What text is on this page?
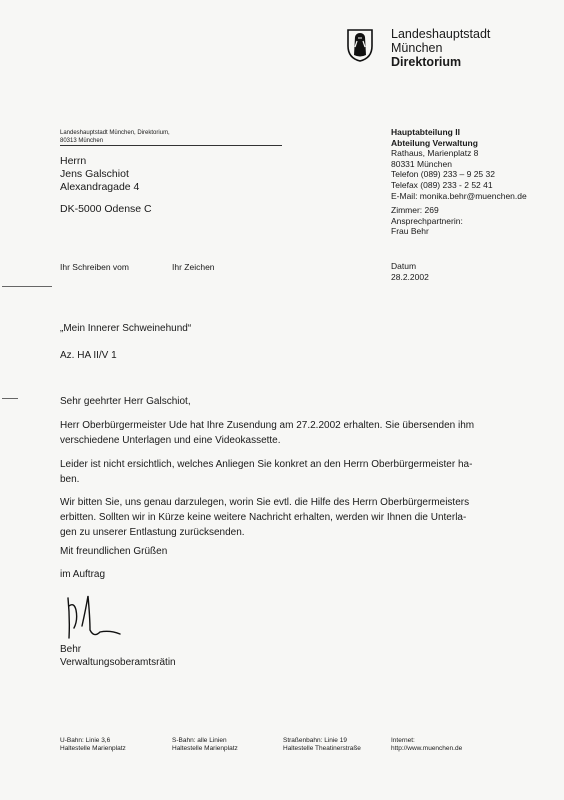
Landeshauptstadt
München
Direktorium
Landeshauptstadt München, Direktorium,
80313 München
Herrn
Jens Galschiot
Alexandragade 4
DK-5000 Odense C
Hauptabteilung II
Abteilung Verwaltung
Rathaus, Marienplatz 8
80331 München
Telefon (089) 233 – 9 25 32
Telefax (089) 233 - 2 52 41
E-Mail: monika.behr@muenchen.de
Zimmer: 269
Ansprechpartnerin:
Frau Behr
Ihr Schreiben vom	Ihr Zeichen	Datum
28.2.2002
„Mein Innerer Schweinehund“
Az. HA II/V 1
Sehr geehrter Herr Galschiot,
Herr Oberbürgermeister Ude hat Ihre Zusendung am 27.2.2002 erhalten. Sie übersenden ihm
verschiedene Unterlagen und eine Videokassette.
Leider ist nicht ersichtlich, welches Anliegen Sie konkret an den Herrn Oberbürgermeister ha-
ben.
Wir bitten Sie, uns genau darzulegen, worin Sie evtl. die Hilfe des Herrn Oberbürgermeisters
erbitten. Sollten wir in Kürze keine weitere Nachricht erhalten, werden wir Ihnen die Unterla-
gen zu unserer Entlastung zurücksenden.
Mit freundlichen Grüßen
im Auftrag
Behr
Verwaltungsoberamtsrätin
U-Bahn: Linie 3,6
Haltestelle Marienplatz
S-Bahn: alle Linien
Haltestelle Marienplatz
Straßenbahn: Linie 19
Haltestelle Theatinerstraße
Internet:
http://www.muenchen.de
